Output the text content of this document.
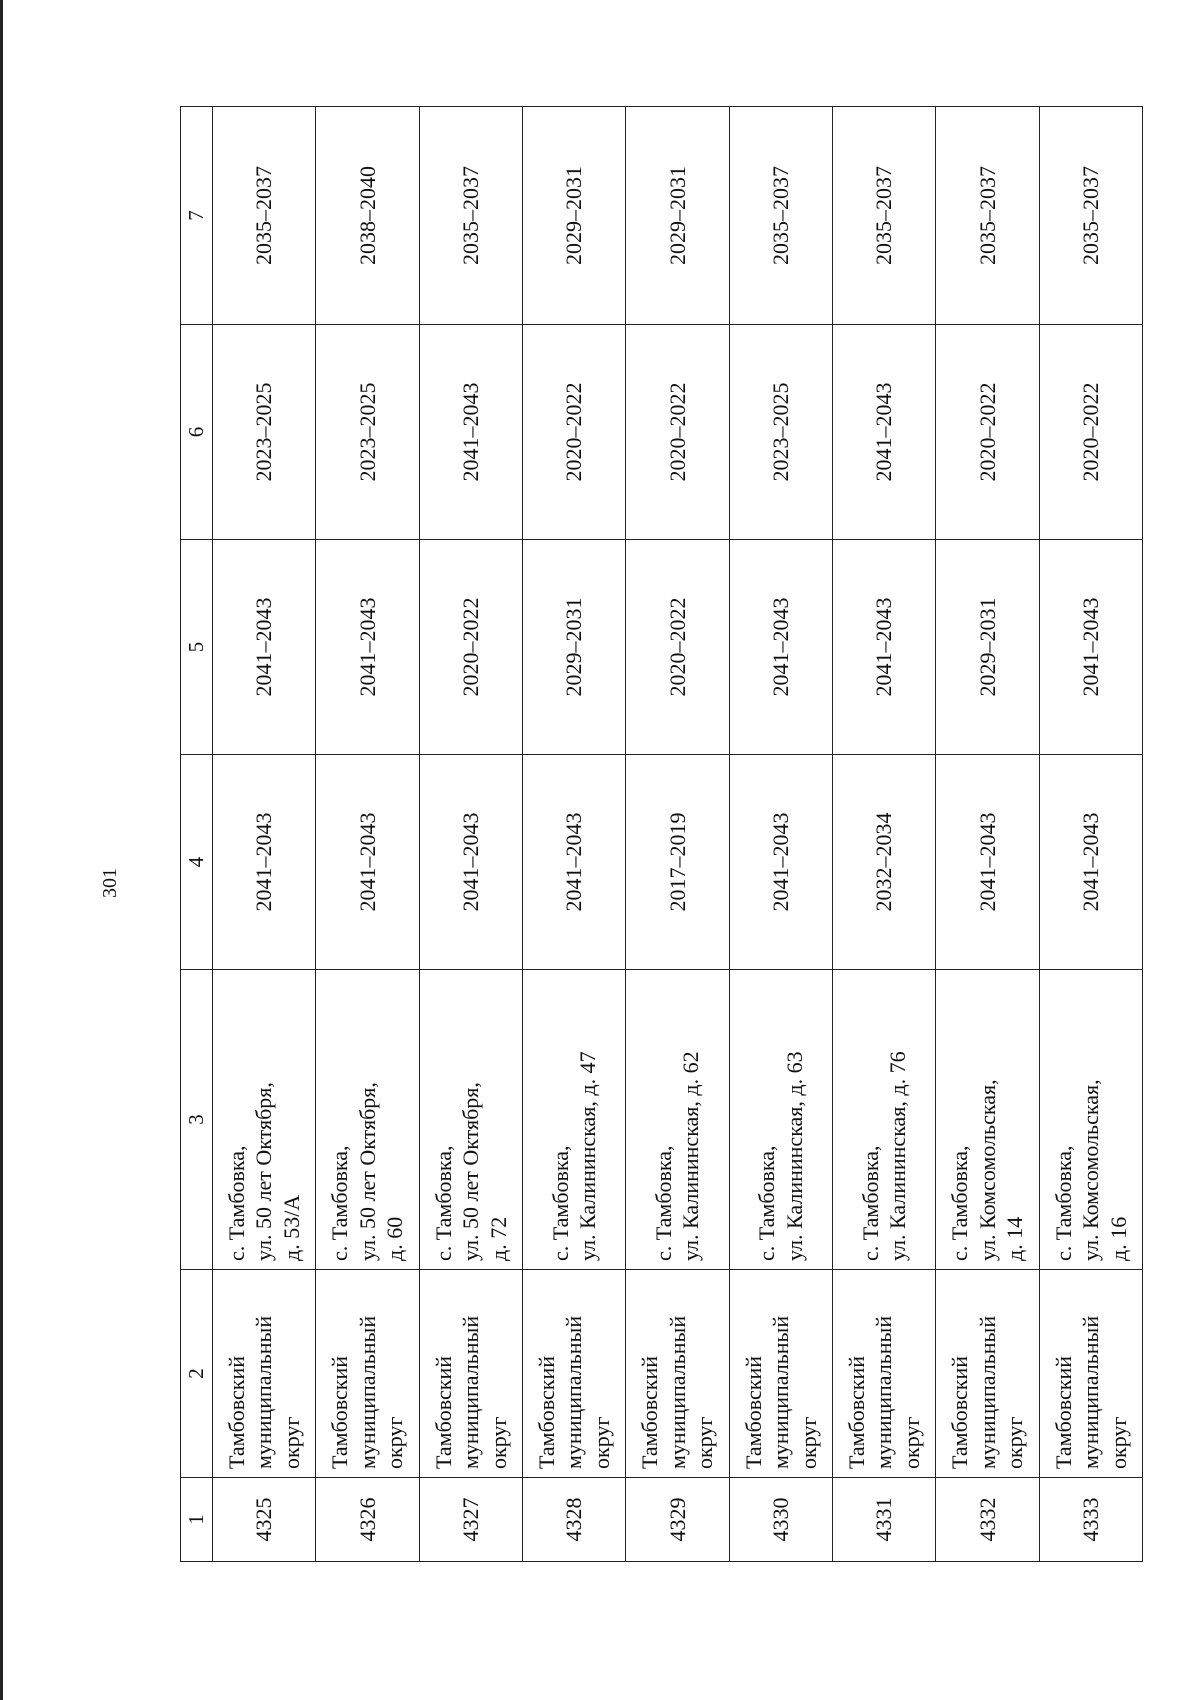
301
1	2	3	4	5	6	7
4325	Тамбовский муниципальный округ	с. Тамбовка, ул. 50 лет Октября, д. 53/А	2041–2043	2041–2043	2023–2025	2035–2037
4326	Тамбовский муниципальный округ	с. Тамбовка, ул. 50 лет Октября, д. 60	2041–2043	2041–2043	2023–2025	2038–2040
4327	Тамбовский муниципальный округ	с. Тамбовка, ул. 50 лет Октября, д. 72	2041–2043	2020–2022	2041–2043	2035–2037
4328	Тамбовский муниципальный округ	с. Тамбовка, ул. Калининская, д. 47	2041–2043	2029–2031	2020–2022	2029–2031
4329	Тамбовский муниципальный округ	с. Тамбовка, ул. Калининская, д. 62	2017–2019	2020–2022	2020–2022	2029–2031
4330	Тамбовский муниципальный округ	с. Тамбовка, ул. Калининская, д. 63	2041–2043	2041–2043	2023–2025	2035–2037
4331	Тамбовский муниципальный округ	с. Тамбовка, ул. Калининская, д. 76	2032–2034	2041–2043	2041–2043	2035–2037
4332	Тамбовский муниципальный округ	с. Тамбовка, ул. Комсомольская, д. 14	2041–2043	2029–2031	2020–2022	2035–2037
4333	Тамбовский муниципальный округ	с. Тамбовка, ул. Комсомольская, д. 16	2041–2043	2041–2043	2020–2022	2035–2037
